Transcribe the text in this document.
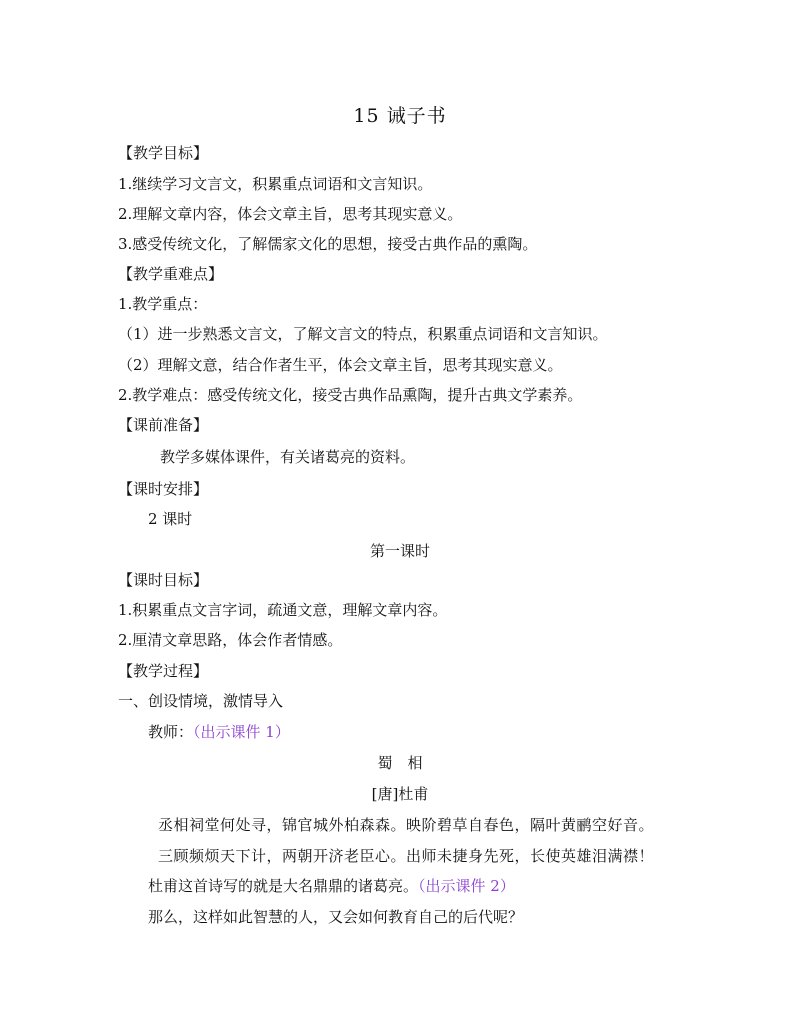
15 诫子书
【教学目标】
1.继续学习文言文，积累重点词语和文言知识。
2.理解文章内容，体会文章主旨，思考其现实意义。
3.感受传统文化，了解儒家文化的思想，接受古典作品的熏陶。
【教学重难点】
1.教学重点：
（1）进一步熟悉文言文，了解文言文的特点，积累重点词语和文言知识。
（2）理解文意，结合作者生平，体会文章主旨，思考其现实意义。
2.教学难点：感受传统文化，接受古典作品熏陶，提升古典文学素养。
【课前准备】
教学多媒体课件，有关诸葛亮的资料。
【课时安排】
2 课时
第一课时
【课时目标】
1.积累重点文言字词，疏通文意，理解文章内容。
2.厘清文章思路，体会作者情感。
【教学过程】
一、创设情境，激情导入
教师：（出示课件 1）
蜀　相
[唐]杜甫
丞相祠堂何处寻，锦官城外柏森森。映阶碧草自春色，隔叶黄鹂空好音。
三顾频烦天下计，两朝开济老臣心。出师未捷身先死，长使英雄泪满襟！
杜甫这首诗写的就是大名鼎鼎的诸葛亮。（出示课件 2）
那么，这样如此智慧的人，又会如何教育自己的后代呢？
